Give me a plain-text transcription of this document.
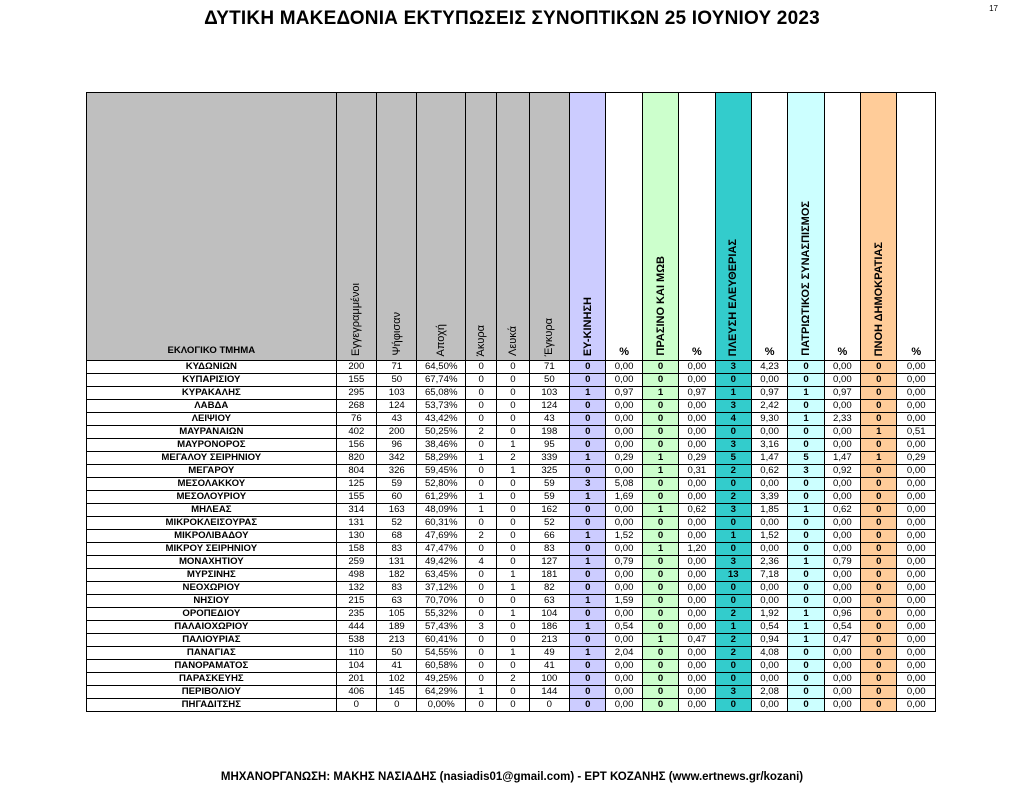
17
ΔΥΤΙΚΗ ΜΑΚΕΔΟΝΙΑ ΕΚΤΥΠΩΣΕΙΣ ΣΥΝΟΠΤΙΚΩΝ 25 ΙΟΥΝΙΟΥ 2023
ΕΚΛΟΓΙΚΟ ΤΜΗΜΑ	Εγγεγραμμένοι	Ψήφισαν	Αποχή	Άκυρα	Λευκά	Έγκυρα	ΕΥ-ΚΙΝΗΣΗ	%	ΠΡΑΣΙΝΟ ΚΑΙ ΜΩΒ	%	ΠΛΕΥΣΗ ΕΛΕΥΘΕΡΙΑΣ	%	ΠΑΤΡΙΩΤΙΚΟΣ ΣΥΝΑΣΠΙΣΜΟΣ	%	ΠΝΟΗ ΔΗΜΟΚΡΑΤΙΑΣ	%

ΚΥΔΩΝΙΩΝ	200	71	64,50%	0	0	71	0	0,00	0	0,00	3	4,23	0	0,00	0	0,00
ΚΥΠΑΡΙΣΙΟΥ	155	50	67,74%	0	0	50	0	0,00	0	0,00	0	0,00	0	0,00	0	0,00
ΚΥΡΑΚΑΛΗΣ	295	103	65,08%	0	0	103	1	0,97	1	0,97	1	0,97	1	0,97	0	0,00
ΛΑΒΔΑ	268	124	53,73%	0	0	124	0	0,00	0	0,00	3	2,42	0	0,00	0	0,00
ΛΕΙΨΙΟΥ	76	43	43,42%	0	0	43	0	0,00	0	0,00	4	9,30	1	2,33	0	0,00
ΜΑΥΡΑΝΑΙΩΝ	402	200	50,25%	2	0	198	0	0,00	0	0,00	0	0,00	0	0,00	1	0,51
ΜΑΥΡΟΝΟΡΟΣ	156	96	38,46%	0	1	95	0	0,00	0	0,00	3	3,16	0	0,00	0	0,00
ΜΕΓΑΛΟΥ ΣΕΙΡΗΝΙΟΥ	820	342	58,29%	1	2	339	1	0,29	1	0,29	5	1,47	5	1,47	1	0,29
ΜΕΓΑΡΟΥ	804	326	59,45%	0	1	325	0	0,00	1	0,31	2	0,62	3	0,92	0	0,00
ΜΕΣΟΛΑΚΚΟΥ	125	59	52,80%	0	0	59	3	5,08	0	0,00	0	0,00	0	0,00	0	0,00
ΜΕΣΟΛΟΥΡΙΟΥ	155	60	61,29%	1	0	59	1	1,69	0	0,00	2	3,39	0	0,00	0	0,00
ΜΗΛΕΑΣ	314	163	48,09%	1	0	162	0	0,00	1	0,62	3	1,85	1	0,62	0	0,00
ΜΙΚΡΟΚΛΕΙΣΟΥΡΑΣ	131	52	60,31%	0	0	52	0	0,00	0	0,00	0	0,00	0	0,00	0	0,00
ΜΙΚΡΟΛΙΒΑΔΟΥ	130	68	47,69%	2	0	66	1	1,52	0	0,00	1	1,52	0	0,00	0	0,00
ΜΙΚΡΟΥ ΣΕΙΡΗΝΙΟΥ	158	83	47,47%	0	0	83	0	0,00	1	1,20	0	0,00	0	0,00	0	0,00
ΜΟΝΑΧΗΤΙΟΥ	259	131	49,42%	4	0	127	1	0,79	0	0,00	3	2,36	1	0,79	0	0,00
ΜΥΡΣΙΝΗΣ	498	182	63,45%	0	1	181	0	0,00	0	0,00	13	7,18	0	0,00	0	0,00
ΝΕΟΧΩΡΙΟΥ	132	83	37,12%	0	1	82	0	0,00	0	0,00	0	0,00	0	0,00	0	0,00
ΝΗΣΙΟΥ	215	63	70,70%	0	0	63	1	1,59	0	0,00	0	0,00	0	0,00	0	0,00
ΟΡΟΠΕΔΙΟΥ	235	105	55,32%	0	1	104	0	0,00	0	0,00	2	1,92	1	0,96	0	0,00
ΠΑΛΑΙΟΧΩΡΙΟΥ	444	189	57,43%	3	0	186	1	0,54	0	0,00	1	0,54	1	0,54	0	0,00
ΠΑΛΙΟΥΡΙΑΣ	538	213	60,41%	0	0	213	0	0,00	1	0,47	2	0,94	1	0,47	0	0,00
ΠΑΝΑΓΙΑΣ	110	50	54,55%	0	1	49	1	2,04	0	0,00	2	4,08	0	0,00	0	0,00
ΠΑΝΟΡΑΜΑΤΟΣ	104	41	60,58%	0	0	41	0	0,00	0	0,00	0	0,00	0	0,00	0	0,00
ΠΑΡΑΣΚΕΥΗΣ	201	102	49,25%	0	2	100	0	0,00	0	0,00	0	0,00	0	0,00	0	0,00
ΠΕΡΙΒΟΛΙΟΥ	406	145	64,29%	1	0	144	0	0,00	0	0,00	3	2,08	0	0,00	0	0,00
ΠΗΓΑΔΙΤΣΗΣ	0	0	0,00%	0	0	0	0	0,00	0	0,00	0	0,00	0	0,00	0	0,00
ΜΗΧΑΝΟΡΓΑΝΩΣΗ: ΜΑΚΗΣ ΝΑΣΙΑΔΗΣ (nasiadis01@gmail.com) - ΕΡΤ ΚΟΖΑΝΗΣ (www.ertnews.gr/kozani)
